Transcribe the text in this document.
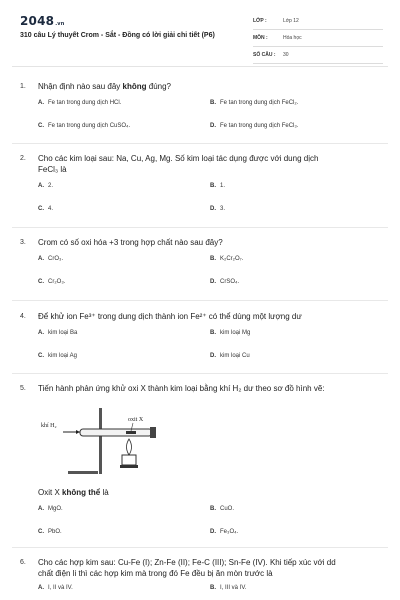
2048.vn
310 câu Lý thuyết Crom - Sắt - Đồng có lời giải chi tiết (P6)
LỚP :	Lớp 12
MÔN :	Hóa học
SỐ CÂU :	30
1. Nhận định nào sau đây không đúng?
A. Fe tan trong dung dịch HCl.	B. Fe tan trong dung dịch FeCl₂.
C. Fe tan trong dung dịch CuSO₄.	D. Fe tan trong dung dịch FeCl₃.
2. Cho các kim loại sau: Na, Cu, Ag, Mg. Số kim loại tác dụng được với dung dịch
FeCl₃ là
A. 2.	B. 1.
C. 4.	D. 3.
3. Crom có số oxi hóa +3 trong hợp chất nào sau đây?
A. CrO₃.	B. K₂Cr₂O₇.
C. Cr₂O₃.	D. CrSO₄.
4. Để khử ion Fe³⁺ trong dung dịch thành ion Fe²⁺ có thể dùng một lượng dư
A. kim loại Ba	B. kim loại Mg
C. kim loại Ag	D. kim loại Cu
5. Tiến hành phản ứng khử oxi X thành kim loại bằng khí H₂ dư theo sơ đồ hình vẽ:
khí H₂
oxit X
Oxit X không thể là
A. MgO.	B. CuO.
C. PbO.	D. Fe₃O₄.
6. Cho các hợp kim sau: Cu-Fe (I); Zn-Fe (II); Fe-C (III); Sn-Fe (IV). Khi tiếp xúc với dd
chất điện li thì các hợp kim mà trong đó Fe đều bị ăn mòn trước là
A. I, II và IV.	B. I, III và IV.
